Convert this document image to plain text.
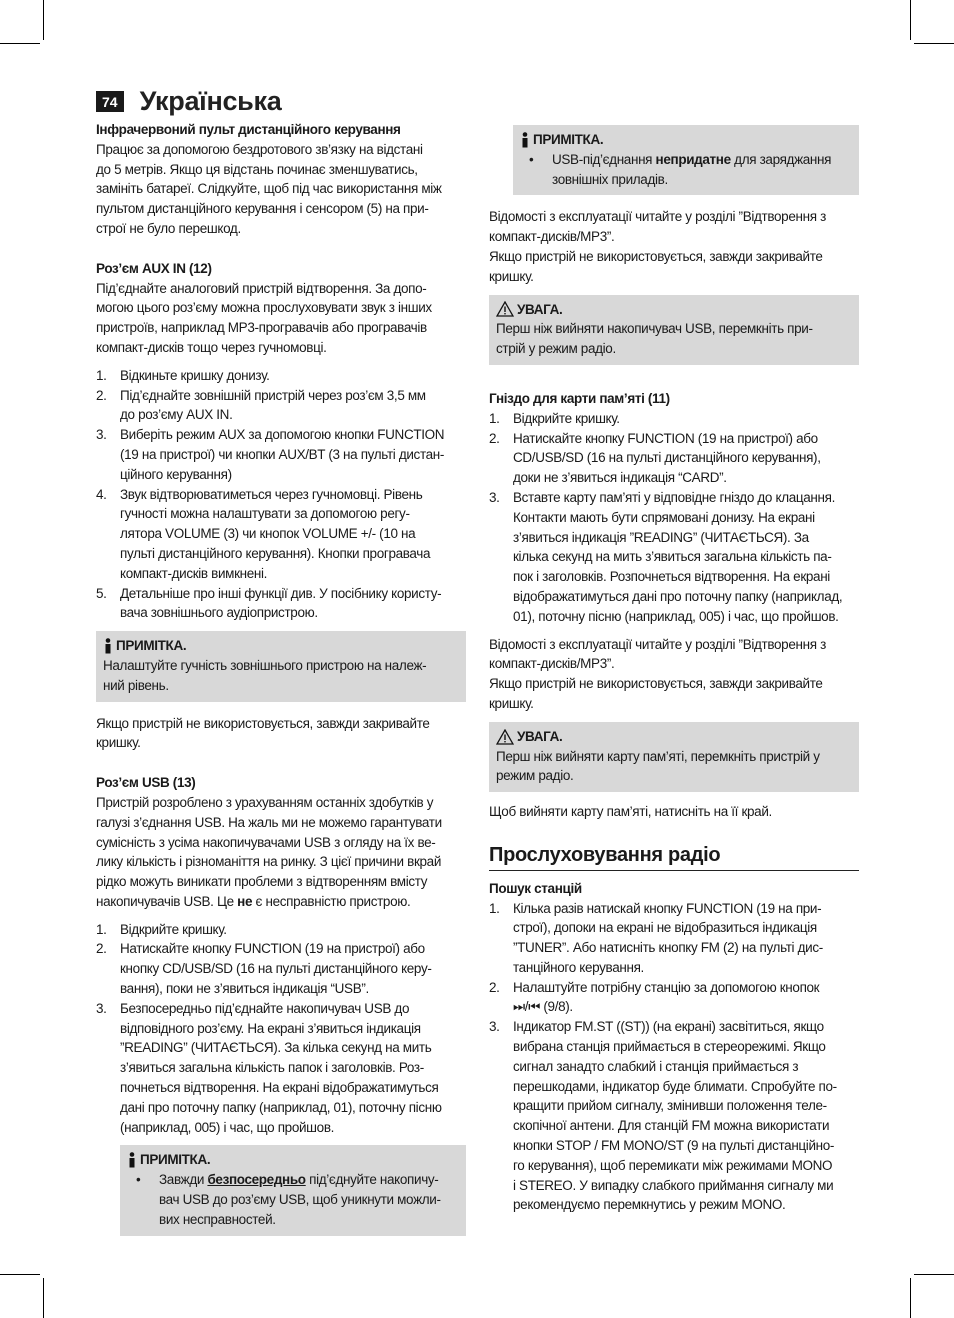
74 Українська

Інфрачервоний пульт дистанційного керування

Працює за допомогою бездротового зв’язку на відстані

до 5 метрів. Якщо ця відстань починає зменшуватись,

замініть батареї. Слідкуйте, щоб під час використання між

пультом дистанційного керування і сенсором (5) на при-

строї не було перешкод.

Роз’єм AUX IN (12)

Під’єднайте аналоговий пристрій відтворення. За допо-

могою цього роз’єму можна прослуховувати звук з інших

пристроїв, наприклад MP3-програвачів або програвачів

компакт-дисків тощо через гучномовці.

1. Відкиньте кришку донизу.

2. Під’єднайте зовнішній пристрій через роз’єм 3,5 мм

до роз’єму AUX IN.

3. Виберіть режим AUX за допомогою кнопки FUNCTION

(19 на пристрої) чи кнопки AUX/BT (3 на пульті дистан-

ційного керування)

4. Звук відтворюватиметься через гучномовці. Рівень

гучності можна налаштувати за допомогою регу-

лятора VOLUME (3) чи кнопок VOLUME +/- (10 на

пульті дистанційного керування). Кнопки програвача

компакт-дисків вимкнені.

5. Детальніше про інші функції див. У посібнику користу-

вача зовнішнього аудіопристрою.

ПРИМІТКА.

Налаштуйте гучність зовнішнього пристрою на належ-

ний рівень.

Якщо пристрій не використовується, завжди закривайте

кришку.

Роз’єм USB (13)

Пристрій розроблено з урахуванням останніх здобутків у

галузі з’єднання USB. На жаль ми не можемо гарантувати

сумісність з усіма накопичувачами USB з огляду на їх ве-

лику кількість і різноманіття на ринку. З цієї причини вкрай

рідко можуть виникати проблеми з відтворенням вмісту

накопичувачів USB. Це не є несправністю пристрою.

1. Відкрийте кришку.

2. Натискайте кнопку FUNCTION (19 на пристрої) або

кнопку CD/USB/SD (16 на пульті дистанційного керу-

вання), поки не з’явиться індикація “USB”.

3. Безпосередньо під’єднайте накопичувач USB до

відповідного роз’єму. На екрані з’явиться індикація

”READING” (ЧИТАЄТЬСЯ). За кілька секунд на мить

з’явиться загальна кількість папок і заголовків. Роз-

почнеться відтворення. На екрані відображатимуться

дані про поточну папку (наприклад, 01), поточну пісню

(наприклад, 005) і час, що пройшов.

ПРИМІТКА.
• Завжди безпосередньо під’єднуйте накопичу-

вач USB до роз’єму USB, щоб уникнути можли-

вих несправностей.

ПРИМІТКА.
• USB-під’єднання непридатне для заряджання

зовнішніх приладів.

Відомості з експлуатації читайте у розділі ”Відтворення з

компакт-дисків/MP3”.

Якщо пристрій не використовується, завжди закривайте

кришку.

УВАГА.

Перш ніж вийняти накопичувач USB, перемкніть при-

стрій у режим радіо.

Гніздо для карти пам’яті (11)

1. Відкрийте кришку.

2. Натискайте кнопку FUNCTION (19 на пристрої) або

CD/USB/SD (16 на пульті дистанційного керування),

доки не з’явиться індикація “CARD”.

3. Вставте карту пам’яті у відповідне гніздо до клацання.

Контакти мають бути спрямовані донизу. На екрані

з’явиться індикація ”READING” (ЧИТАЄТЬСЯ). За

кілька секунд на мить з’явиться загальна кількість па-

пок і заголовків. Розпочнеться відтворення. На екрані

відображатимуться дані про поточну папку (наприклад,

01), поточну пісню (наприклад, 005) і час, що пройшов.

Відомості з експлуатації читайте у розділі ”Відтворення з

компакт-дисків/MP3”.

Якщо пристрій не використовується, завжди закривайте

кришку.

УВАГА.

Перш ніж вийняти карту пам’яті, перемкніть пристрій у

режим радіо.

Щоб вийняти карту пам’яті, натисніть на її край.

Прослуховування радіо

Пошук станцій

1. Кілька разів натискай кнопку FUNCTION (19 на при-

строї), допоки на екрані не відобразиться індикація

”TUNER”. Або натисніть кнопку FM (2) на пульті дис-

танційного керування.

2. Налаштуйте потрібну станцію за допомогою кнопок

⏭/⏮ (9/8).

3. Індикатор FM.ST ((ST)) (на екрані) засвітиться, якщо

вибрана станція приймається в стереорежимі. Якщо

сигнал занадто слабкий і станція приймається з

перешкодами, індикатор буде блимати. Спробуйте по-

кращити прийом сигналу, змінивши положення теле-

скопічної антени. Для станцій FM можна використати

кнопки STOP / FM MONO/ST (9 на пульті дистанційно-

го керування), щоб перемикати між режимами MONO

і STEREO. У випадку слабкого приймання сигналу ми

рекомендуємо перемкнутись у режим MONO.
